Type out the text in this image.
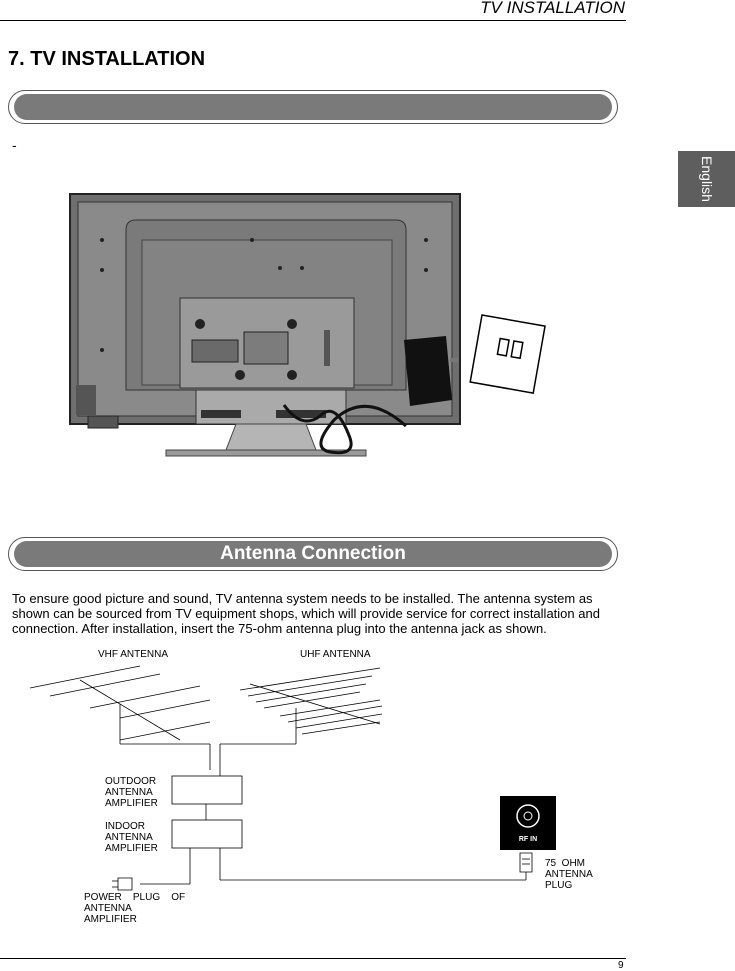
TV INSTALLATION
7. TV INSTALLATION
English
-
Antenna Connection
To ensure good picture and sound, TV antenna system needs to be installed. The antenna system as shown can be sourced from TV equipment shops, which will provide service for correct installation and connection. After installation, insert the 75-ohm antenna plug into the antenna jack as shown.
RF IN
VHF ANTENNA	UHF ANTENNA
OUTDOOR
ANTENNA
AMPLIFIER
INDOOR
ANTENNA
AMPLIFIER
POWER    PLUG    OF
ANTENNA
AMPLIFIER
75  OHM
ANTENNA
PLUG
9
